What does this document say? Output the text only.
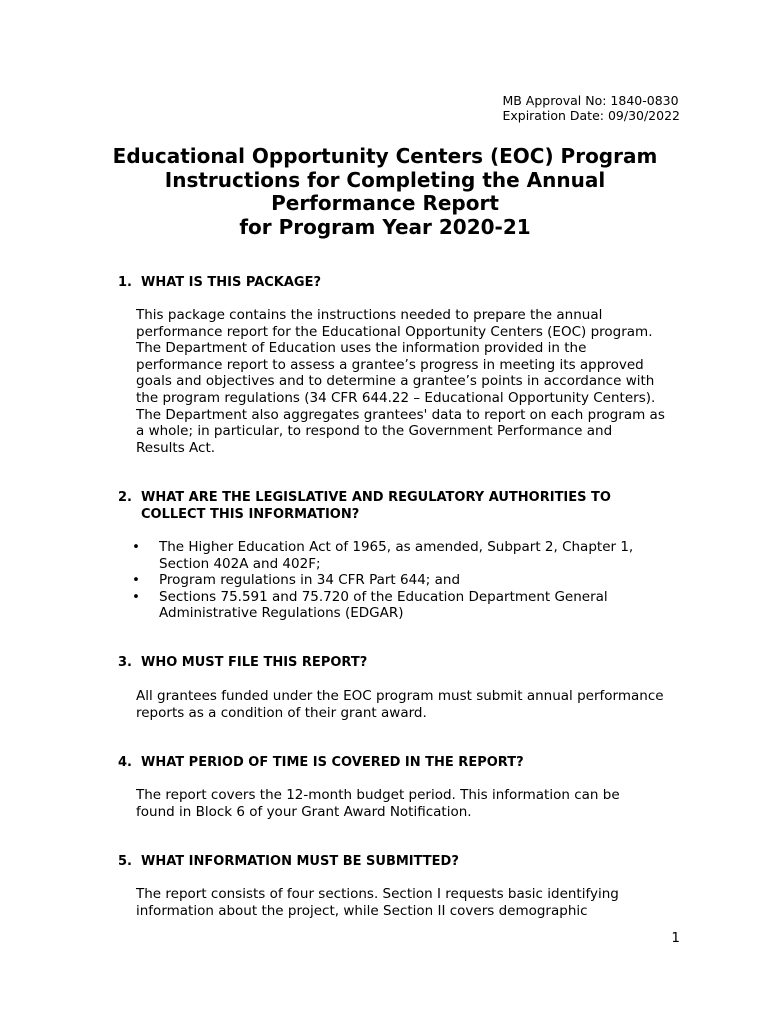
MB Approval No: 1840-0830
Expiration Date: 09/30/2022
Educational Opportunity Centers (EOC) Program
Instructions for Completing the Annual
Performance Report
for Program Year 2020-21
1. WHAT IS THIS PACKAGE?
This package contains the instructions needed to prepare the annual
performance report for the Educational Opportunity Centers (EOC) program.
The Department of Education uses the information provided in the
performance report to assess a grantee’s progress in meeting its approved
goals and objectives and to determine a grantee’s points in accordance with
the program regulations (34 CFR 644.22 – Educational Opportunity Centers).
The Department also aggregates grantees' data to report on each program as
a whole; in particular, to respond to the Government Performance and
Results Act.
2. WHAT ARE THE LEGISLATIVE AND REGULATORY AUTHORITIES TO
COLLECT THIS INFORMATION?
• The Higher Education Act of 1965, as amended, Subpart 2, Chapter 1,
Section 402A and 402F;
• Program regulations in 34 CFR Part 644; and
• Sections 75.591 and 75.720 of the Education Department General
Administrative Regulations (EDGAR)
3. WHO MUST FILE THIS REPORT?
All grantees funded under the EOC program must submit annual performance
reports as a condition of their grant award.
4. WHAT PERIOD OF TIME IS COVERED IN THE REPORT?
The report covers the 12-month budget period. This information can be
found in Block 6 of your Grant Award Notification.
5. WHAT INFORMATION MUST BE SUBMITTED?
The report consists of four sections. Section I requests basic identifying
information about the project, while Section II covers demographic
1
